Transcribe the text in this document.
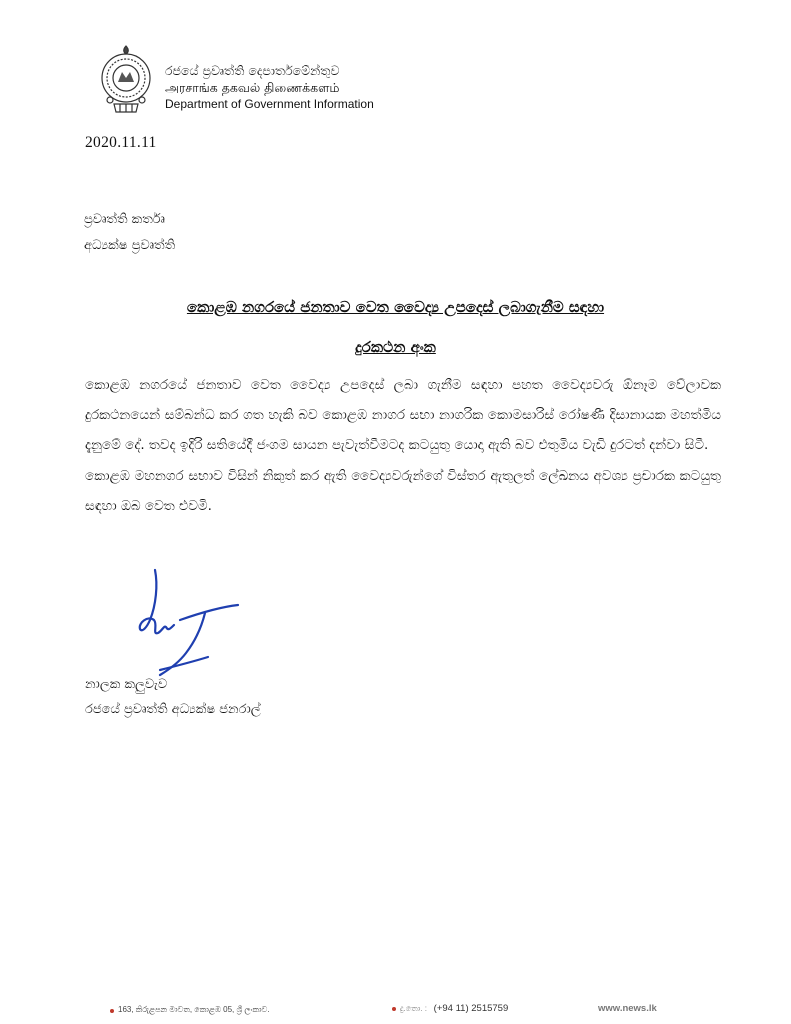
රජයේ ප්‍රවෘත්ති දෙපාර්තමේන්තුව
அரசாங்க தகவல் திணைக்களம்
Department of Government Information
2020.11.11
ප්‍රවෘත්ති කර්තෘ
අධ්‍යක්ෂ ප්‍රවෘත්ති
කොළඹ නගරයේ ජනතාව වෙත වෛද්‍ය උපදෙස් ලබාගැනීම සඳහා
දුරකථන අංක

කොළඹ නගරයේ ජනතාව වෙත වෛද්‍ය උපදෙස් ලබා ගැනීම සඳහා පහත වෛද්‍යවරු ඕනෑම වේලාවක දුරකථනයෙන් සම්බන්ධ කර ගත හැකි බව කොළඹ නාගර සභා නාගරික කොමසාරිස් රෝෂණී දිසානායක මහත්මිය දැනුමේ දේ. තවද ඉදිරි සතියේදී ජංගම සායන පැවැත්වීමටද කටයුතු යොදා ඇති බව එතුමිය වැඩි දුරටත් දන්වා සිටී.

කොළඹ මහනගර සභාව විසින් නිකුත් කර ඇති වෛද්‍යවරුන්ගේ විස්තර ඇතුලත් ලේඛනය අවශ්‍ය ප්‍රචාරක කටයුතු සඳහා ඔබ වෙත එවමි.

නාලක කලුවැව
රජයේ ප්‍රවෘත්ති අධ්‍යක්ෂ ජනරාල්
163, කිරුළපන මාවත, කොළඹ 05, ශ්‍රී ලංකාව.	දු.තො. : (+94 11) 2515759	www.news.lk
